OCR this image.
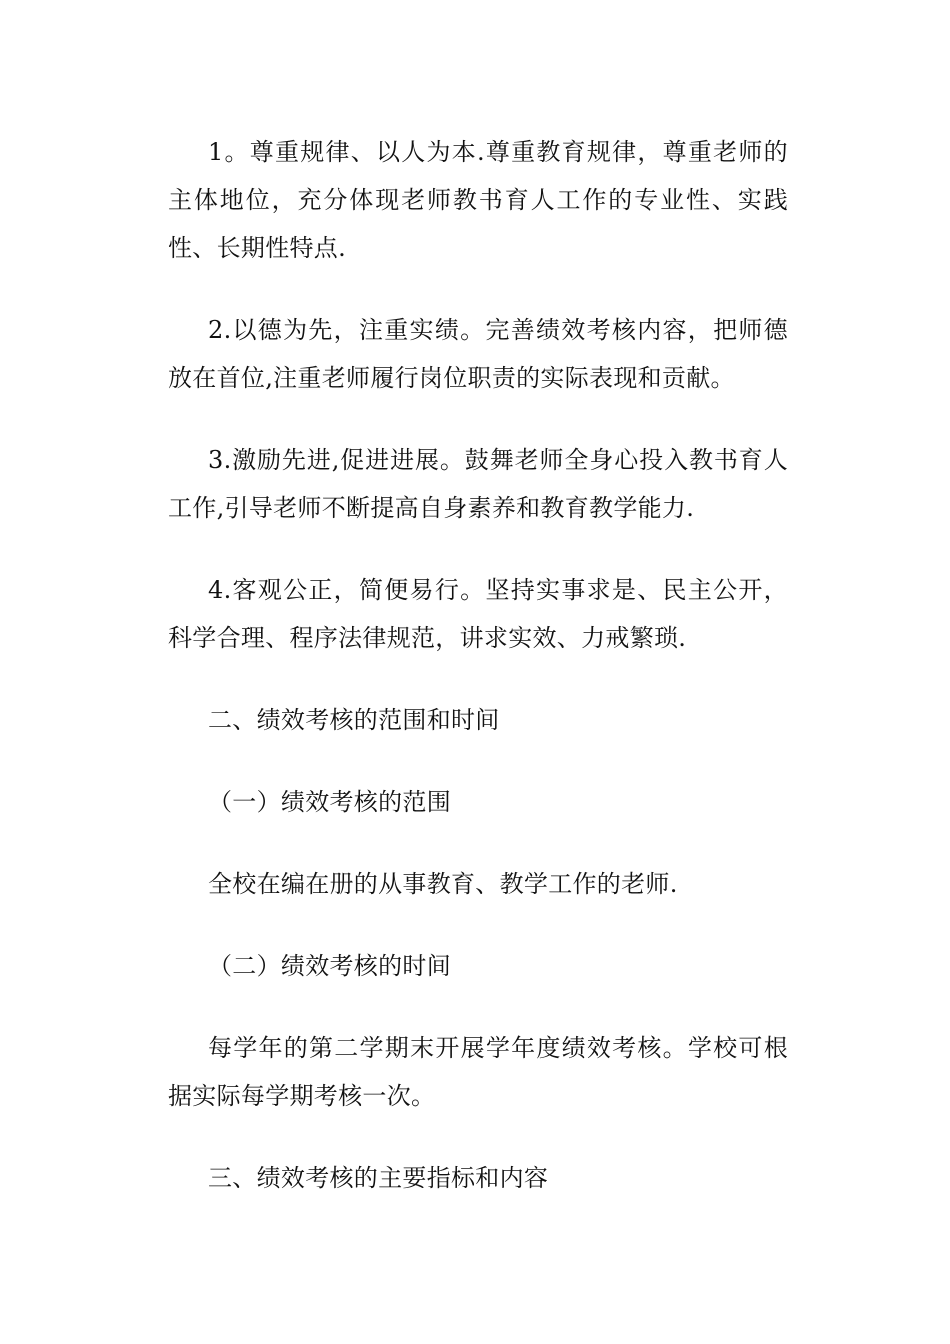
1。尊重规律、以人为本.尊重教育规律，尊重老师的主体地位，充分体现老师教书育人工作的专业性、实践性、长期性特点.

2.以德为先，注重实绩。完善绩效考核内容，把师德放在首位,注重老师履行岗位职责的实际表现和贡献。

3.激励先进,促进进展。鼓舞老师全身心投入教书育人工作,引导老师不断提高自身素养和教育教学能力.

4.客观公正，简便易行。坚持实事求是、民主公开，科学合理、程序法律规范，讲求实效、力戒繁琐.

二、绩效考核的范围和时间

（一）绩效考核的范围

全校在编在册的从事教育、教学工作的老师.

（二）绩效考核的时间

每学年的第二学期末开展学年度绩效考核。学校可根据实际每学期考核一次。

三、绩效考核的主要指标和内容
